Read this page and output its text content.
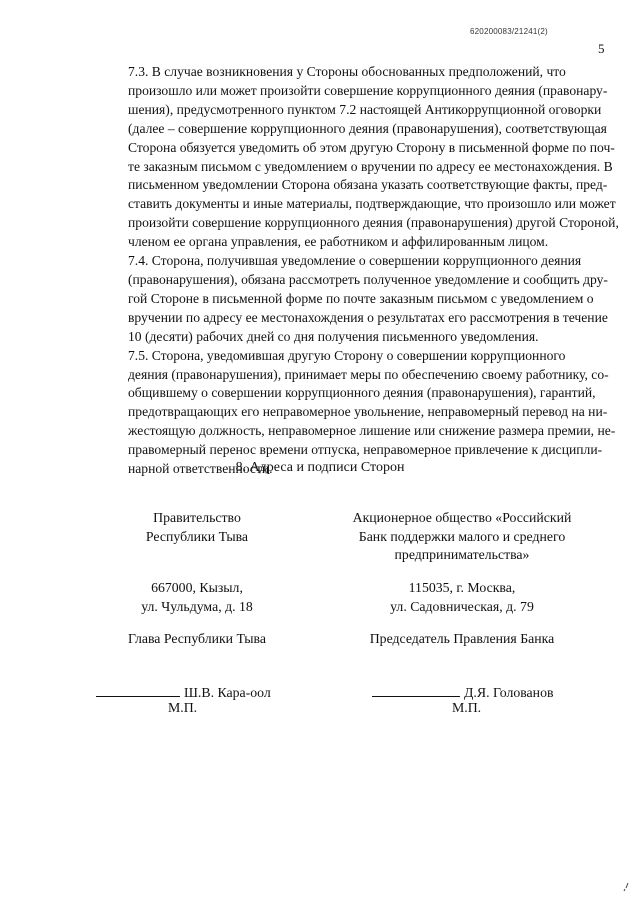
620200083/21241(2)
5
7.3. В случае возникновения у Стороны обоснованных предположений, что
произошло или может произойти совершение коррупционного деяния (правонару-
шения), предусмотренного пунктом 7.2 настоящей Антикоррупционной оговорки
(далее – совершение коррупционного деяния (правонарушения), соответствующая
Сторона обязуется уведомить об этом другую Сторону в письменной форме по поч-
те заказным письмом с уведомлением о вручении по адресу ее местонахождения. В
письменном уведомлении Сторона обязана указать соответствующие факты, пред-
ставить документы и иные материалы, подтверждающие, что произошло или может
произойти совершение коррупционного деяния (правонарушения) другой Стороной,
членом ее органа управления, ее работником и аффилированным лицом.
7.4. Сторона, получившая уведомление о совершении коррупционного деяния
(правонарушения), обязана рассмотреть полученное уведомление и сообщить дру-
гой Стороне в письменной форме по почте заказным письмом с уведомлением о
вручении по адресу ее местонахождения о результатах его рассмотрения в течение
10 (десяти) рабочих дней со дня получения письменного уведомления.
7.5. Сторона, уведомившая другую Сторону о совершении коррупционного
деяния (правонарушения), принимает меры по обеспечению своему работнику, со-
общившему о совершении коррупционного деяния (правонарушения), гарантий,
предотвращающих его неправомерное увольнение, неправомерный перевод на ни-
жестоящую должность, неправомерное лишение или снижение размера премии, не-
правомерный перенос времени отпуска, неправомерное привлечение к дисципли-
нарной ответственности.
8. Адреса и подписи Сторон
Правительство
Республики Тыва
667000, Кызыл,
ул. Чульдума, д. 18
Глава Республики Тыва
Акционерное общество «Российский
Банк поддержки малого и среднего
предпринимательства»
115035, г. Москва,
ул. Садовническая, д. 79
Председатель Правления Банка
Ш.В. Кара-оол
М.П.
Д.Я. Голованов
М.П.
